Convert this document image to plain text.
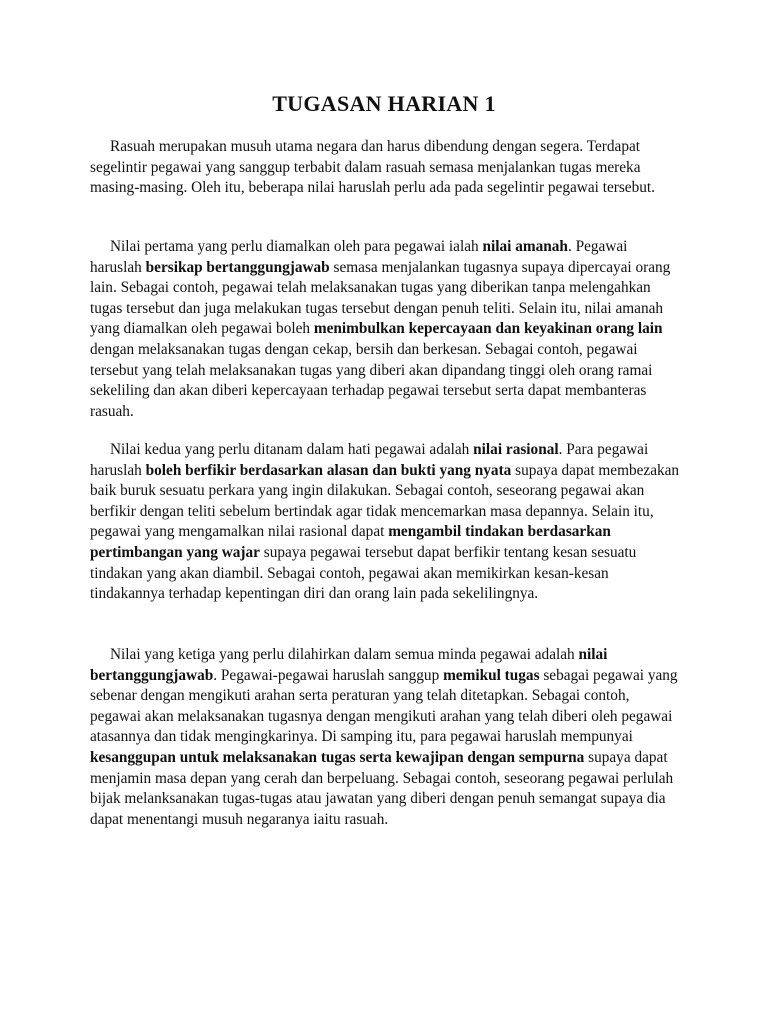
TUGASAN HARIAN 1

Rasuah merupakan musuh utama negara dan harus dibendung dengan segera. Terdapat segelintir pegawai yang sanggup terbabit dalam rasuah semasa menjalankan tugas mereka masing-masing. Oleh itu, beberapa nilai haruslah perlu ada pada segelintir pegawai tersebut.

Nilai pertama yang perlu diamalkan oleh para pegawai ialah nilai amanah. Pegawai haruslah bersikap bertanggungjawab semasa menjalankan tugasnya supaya dipercayai orang lain. Sebagai contoh, pegawai telah melaksanakan tugas yang diberikan tanpa melengahkan tugas tersebut dan juga melakukan tugas tersebut dengan penuh teliti. Selain itu, nilai amanah yang diamalkan oleh pegawai boleh menimbulkan kepercayaan dan keyakinan orang lain dengan melaksanakan tugas dengan cekap, bersih dan berkesan. Sebagai contoh, pegawai tersebut yang telah melaksanakan tugas yang diberi akan dipandang tinggi oleh orang ramai sekeliling dan akan diberi kepercayaan terhadap pegawai tersebut serta dapat membanteras rasuah.

Nilai kedua yang perlu ditanam dalam hati pegawai adalah nilai rasional. Para pegawai haruslah boleh berfikir berdasarkan alasan dan bukti yang nyata supaya dapat membezakan baik buruk sesuatu perkara yang ingin dilakukan. Sebagai contoh, seseorang pegawai akan berfikir dengan teliti sebelum bertindak agar tidak mencemarkan masa depannya. Selain itu, pegawai yang mengamalkan nilai rasional dapat mengambil tindakan berdasarkan pertimbangan yang wajar supaya pegawai tersebut dapat berfikir tentang kesan sesuatu tindakan yang akan diambil. Sebagai contoh, pegawai akan memikirkan kesan-kesan tindakannya terhadap kepentingan diri dan orang lain pada sekelilingnya.

Nilai yang ketiga yang perlu dilahirkan dalam semua minda pegawai adalah nilai bertanggungjawab. Pegawai-pegawai haruslah sanggup memikul tugas sebagai pegawai yang sebenar dengan mengikuti arahan serta peraturan yang telah ditetapkan. Sebagai contoh, pegawai akan melaksanakan tugasnya dengan mengikuti arahan yang telah diberi oleh pegawai atasannya dan tidak mengingkarinya. Di samping itu, para pegawai haruslah mempunyai kesanggupan untuk melaksanakan tugas serta kewajipan dengan sempurna supaya dapat menjamin masa depan yang cerah dan berpeluang. Sebagai contoh, seseorang pegawai perlulah bijak melanksanakan tugas-tugas atau jawatan yang diberi dengan penuh semangat supaya dia dapat menentangi musuh negaranya iaitu rasuah.
